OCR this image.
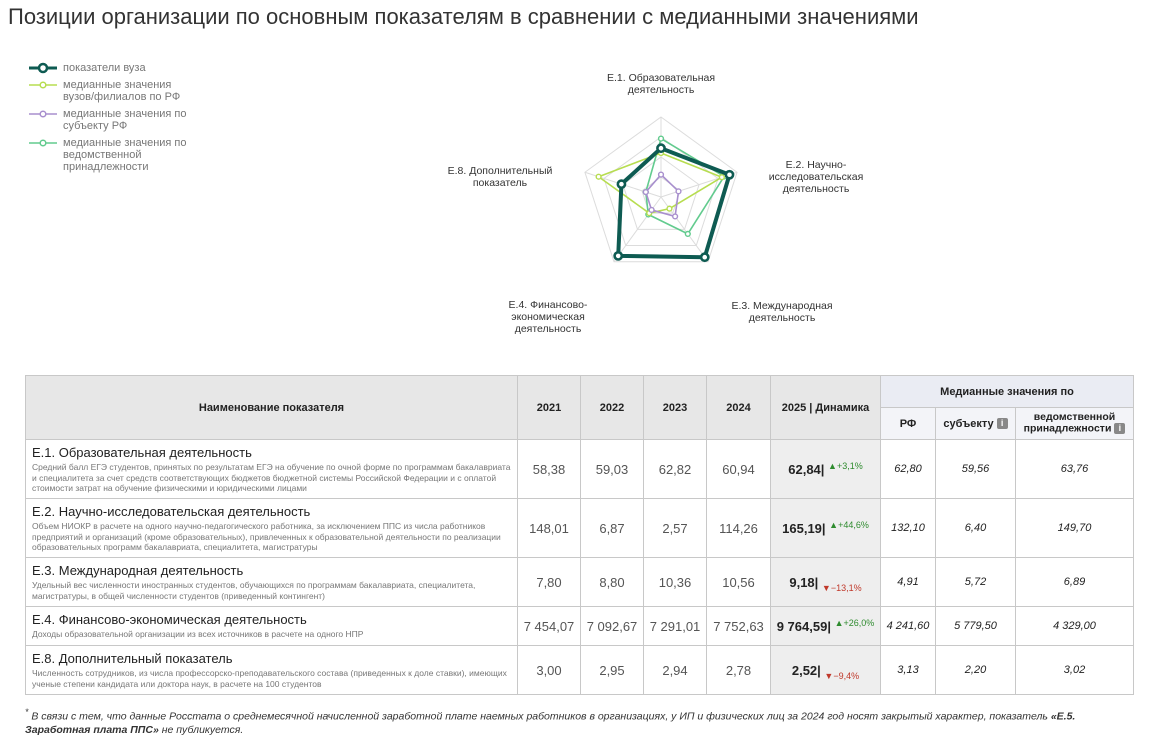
Позиции организации по основным показателям в сравнении с медианными значениями
показатели вуза
медианные значения вузов/филиалов по РФ
медианные значения по субъекту РФ
медианные значения по ведомственной принадлежности
Е.1. Образовательная
деятельность
Е.2. Научно-
исследовательская
деятельность
Е.3. Международная
деятельность
Е.4. Финансово-
экономическая
деятельность
Е.8. Дополнительный
показатель
Наименование показателя	2021	2022	2023	2024	2025 | Динамика	Медианные значения по		
						РФ	субъекту i	ведомственной принадлежности i

Е.1. Образовательная деятельность
Средний балл ЕГЭ студентов, принятых по результатам ЕГЭ на обучение по очной форме по программам бакалавриата и специалитета за счет средств соответствующих бюджетов бюджетной системы Российской Федерации и с оплатой стоимости затрат на обучение физическими и юридическими лицами	58,38	59,03	62,82	60,94	62,84| $^{▲+3,1\%}$	62,80	59,56	63,76

Е.2. Научно-исследовательская деятельность
Объем НИОКР в расчете на одного научно-педагогического работника, за исключением ППС из числа работников предприятий и организаций (кроме образовательных), привлеченных к образовательной деятельности по реализации образовательных программ бакалавриата, специалитета, магистратуры	148,01	6,87	2,57	114,26	165,19| $^{▲+44,6\%}$	132,10	6,40	149,70

Е.3. Международная деятельность
Удельный вес численности иностранных студентов, обучающихся по программам бакалавриата, специалитета, магистратуры, в общей численности студентов (приведенный контингент)	7,80	8,80	10,36	10,56	9,18| $_{▼-13,1\%}$	4,91	5,72	6,89

Е.4. Финансово-экономическая деятельность
Доходы образовательной организации из всех источников в расчете на одного НПР	7 454,07	7 092,67	7 291,01	7 752,63	9 764,59| $^{▲+26,0\%}$	4 241,60	5 779,50	4 329,00

Е.8. Дополнительный показатель
Численность сотрудников, из числа профессорско-преподавательского состава (приведенных к доле ставки), имеющих ученые степени кандидата или доктора наук, в расчете на 100 студентов	3,00	2,95	2,94	2,78	2,52| $_{▼-9,4\%}$	3,13	2,20	3,02
* В связи с тем, что данные Росстата о среднемесячной начисленной заработной плате наемных работников в организациях, у ИП и физических лиц за 2024 год носят закрытый характер, показатель «Е.5. Заработная плата ППС» не публикуется.
